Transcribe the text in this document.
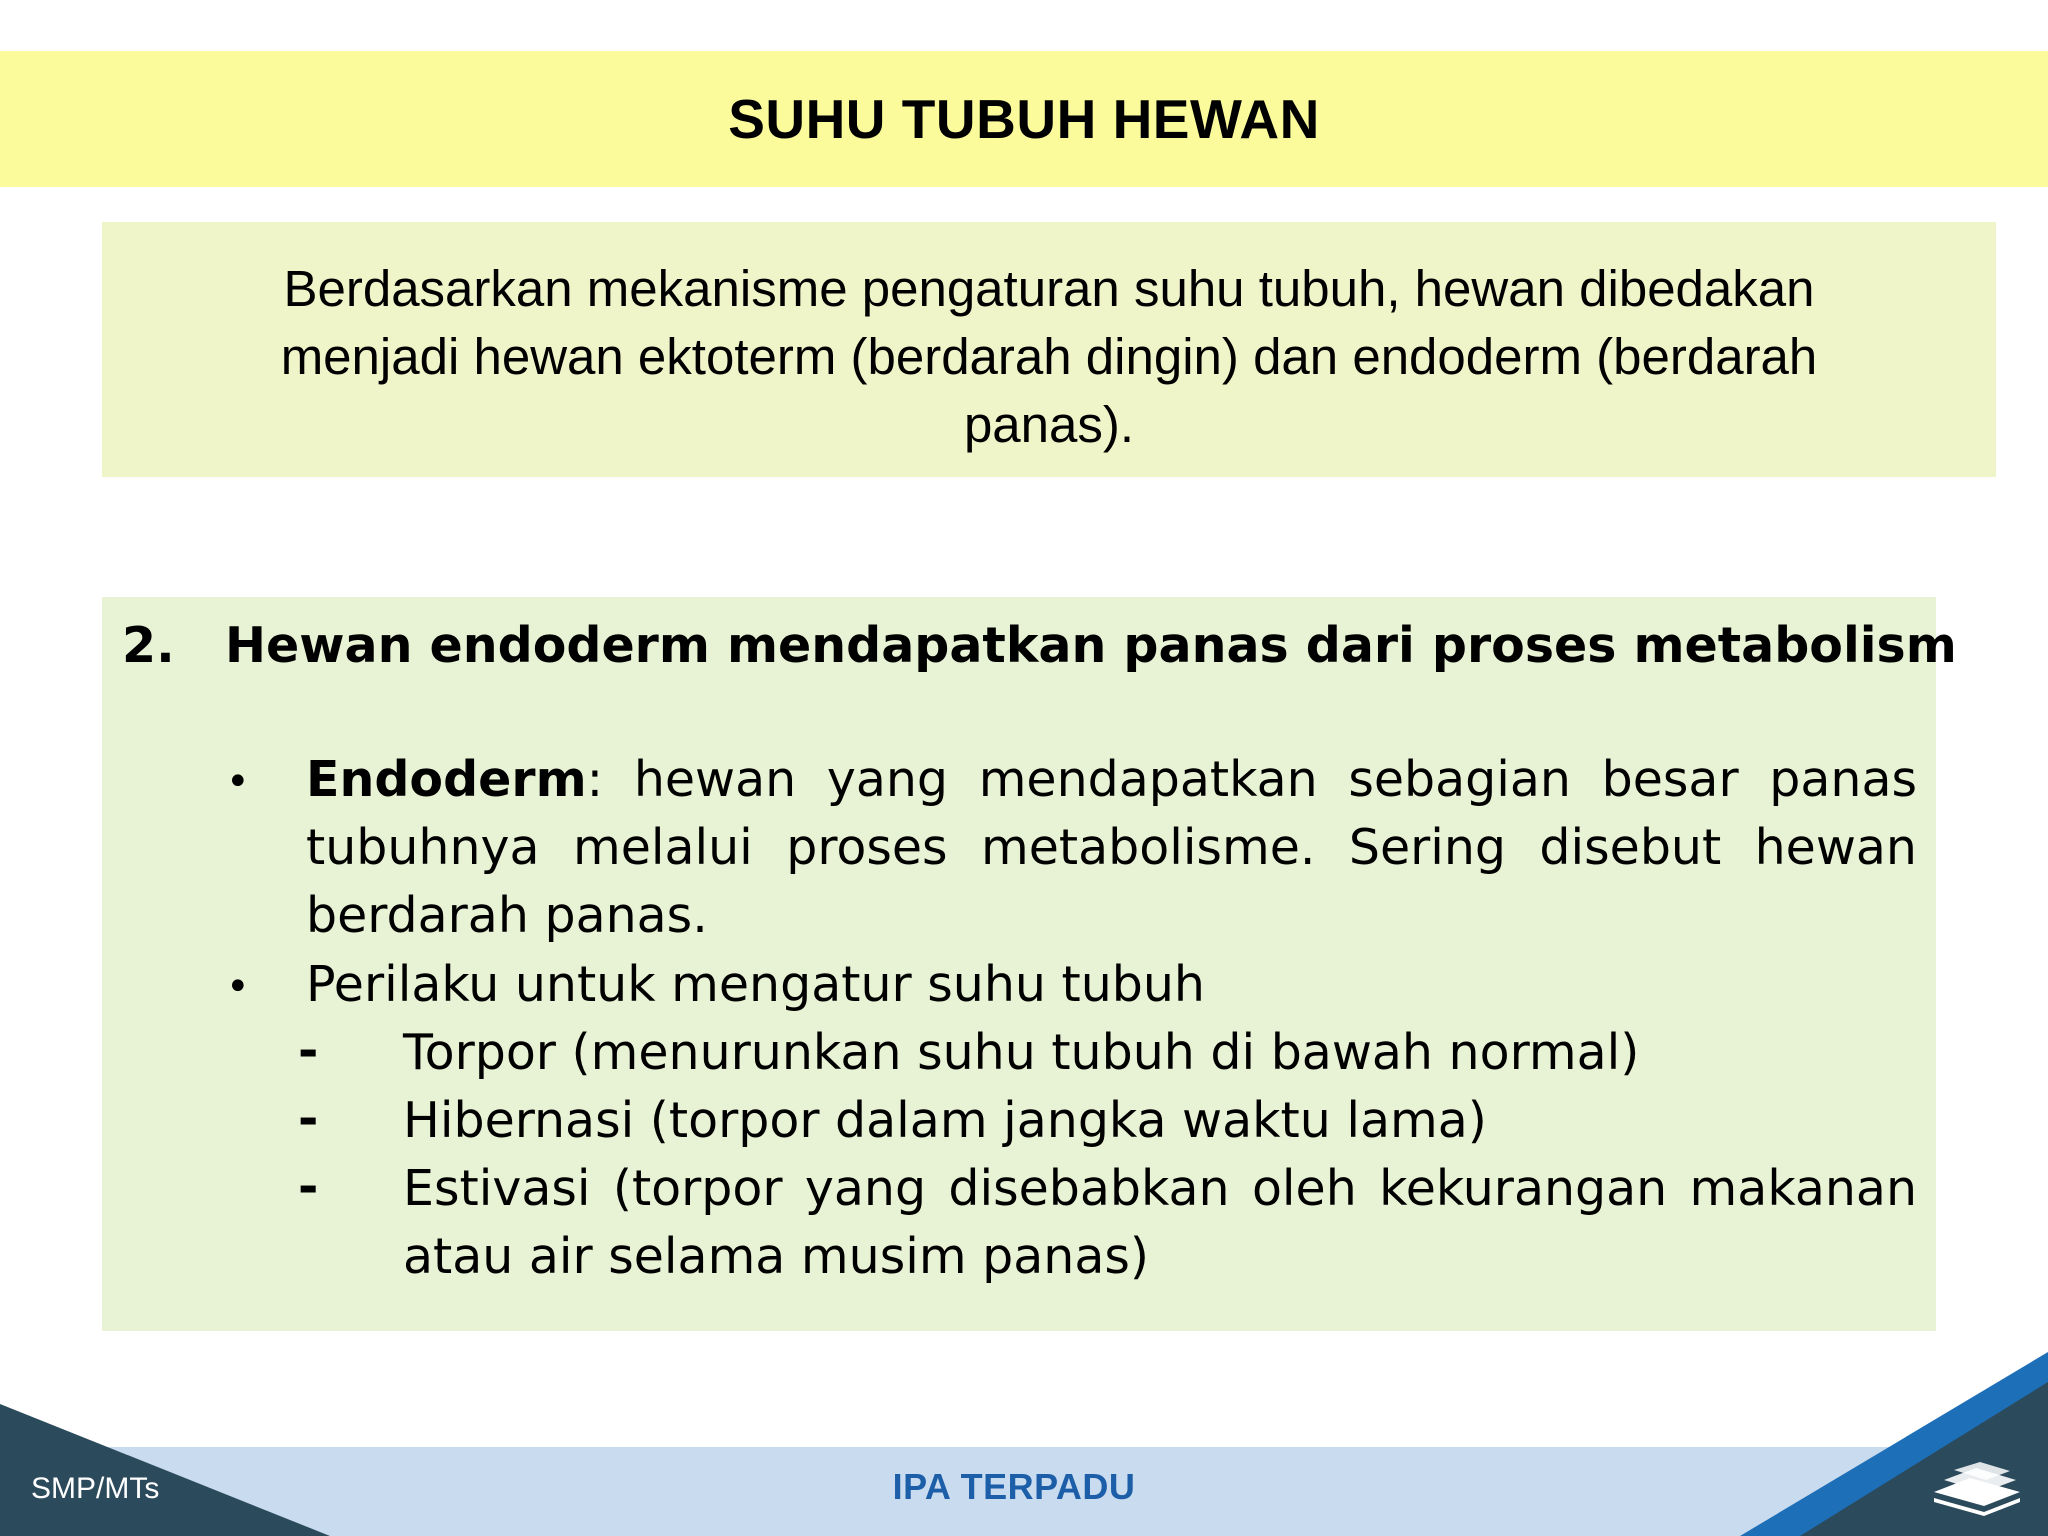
SUHU TUBUH HEWAN

Berdasarkan mekanisme pengaturan suhu tubuh, hewan dibedakan menjadi hewan ektoterm (berdarah dingin) dan endoderm (berdarah panas).

2. Hewan endoderm mendapatkan panas dari proses metabolism
• Endoderm: hewan yang mendapatkan sebagian besar panas tubuhnya melalui proses metabolisme. Sering disebut hewan berdarah panas.
• Perilaku untuk mengatur suhu tubuh
- Torpor (menurunkan suhu tubuh di bawah normal)
- Hibernasi (torpor dalam jangka waktu lama)
- Estivasi (torpor yang disebabkan oleh kekurangan makanan atau air selama musim panas)
SMP/MTs	IPA TERPADU
